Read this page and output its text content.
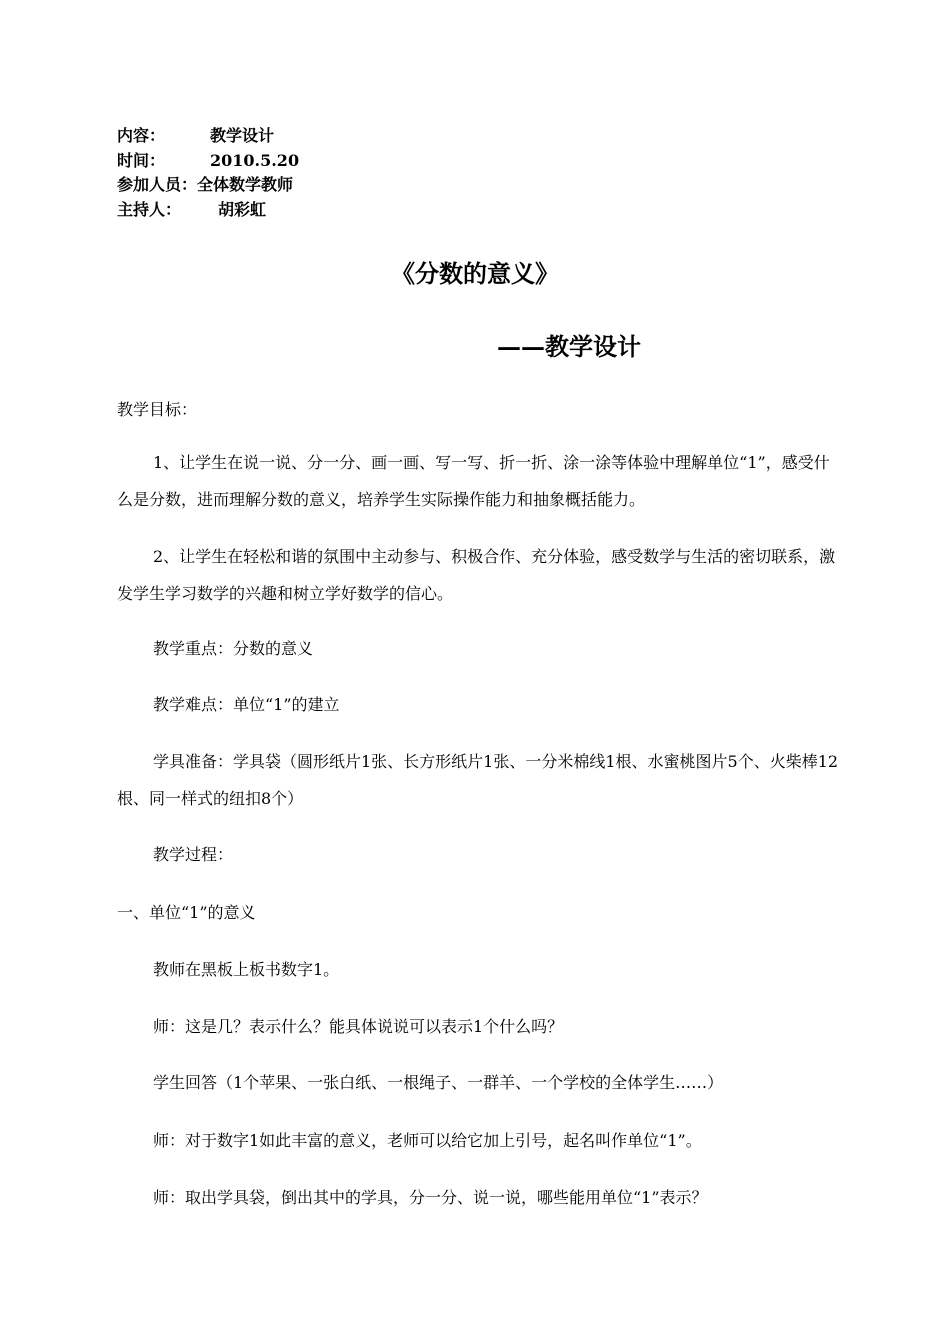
内容：	教学设计
时间：	2010.5.20
参加人员： 全体数学教师
主持人：	胡彩虹
《分数的意义》
——教学设计

教学目标：

1、让学生在说一说、分一分、画一画、写一写、折一折、涂一涂等体验中理解单位“1”，感受什么是分数，进而理解分数的意义，培养学生实际操作能力和抽象概括能力。

2、让学生在轻松和谐的氛围中主动参与、积极合作、充分体验，感受数学与生活的密切联系，激发学生学习数学的兴趣和树立学好数学的信心。

教学重点：分数的意义

教学难点：单位“1”的建立

学具准备：学具袋（圆形纸片1张、长方形纸片1张、一分米棉线1根、水蜜桃图片5个、火柴棒12根、同一样式的纽扣8个）

教学过程：

一、单位“1”的意义

教师在黑板上板书数字1。

师：这是几？表示什么？能具体说说可以表示1个什么吗？

学生回答（1个苹果、一张白纸、一根绳子、一群羊、一个学校的全体学生……）

师：对于数字1如此丰富的意义，老师可以给它加上引号，起名叫作单位“1”。

师：取出学具袋，倒出其中的学具，分一分、说一说，哪些能用单位“1”表示？
